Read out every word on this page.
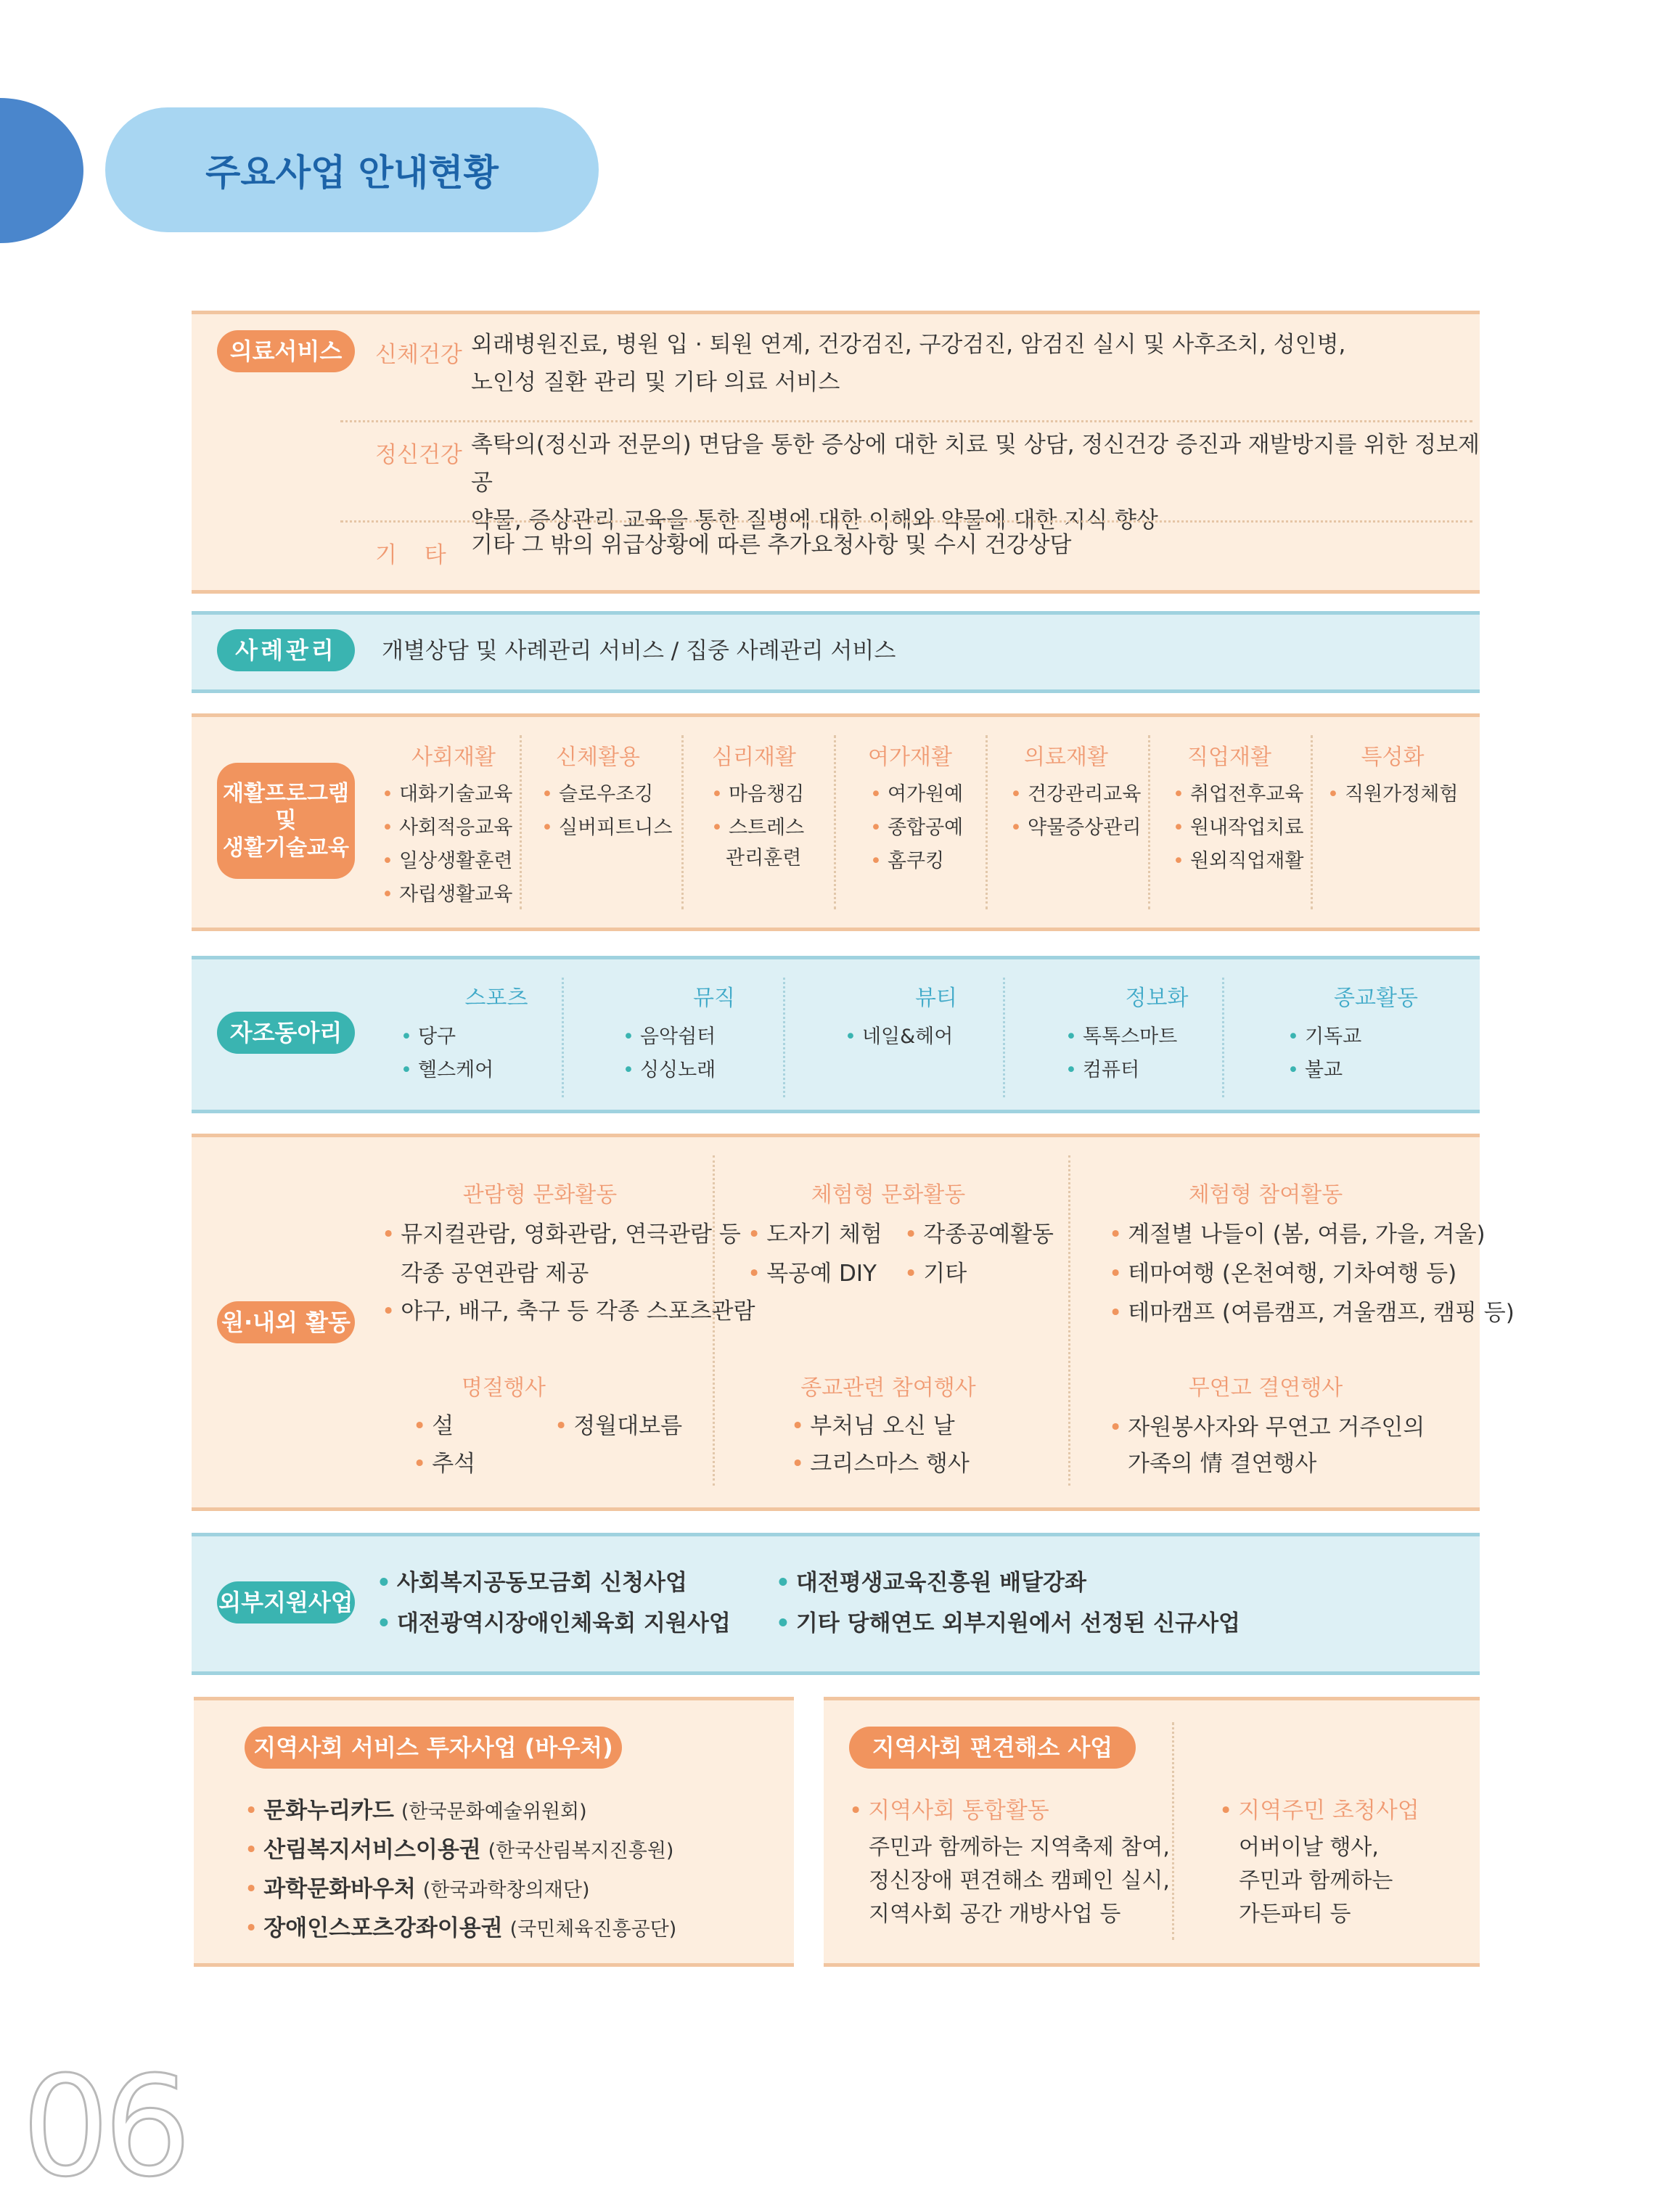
주요사업 안내현황
의료서비스	신체건강 외래병원진료, 병원 입 · 퇴원 연계, 건강검진, 구강검진, 암검진 실시 및 사후조치, 성인병,
노인성 질환 관리 및 기타 의료 서비스
정신건강 촉탁의(정신과 전문의) 면담을 통한 증상에 대한 치료 및 상담, 정신건강 증진과 재발방지를 위한 정보제공
약물, 증상관리 교육을 통한 질병에 대한 이해와 약물에 대한 지식 향상
기 타 기타 그 밖의 위급상황에 따른 추가요청사항 및 수시 건강상담
사례관리	개별상담 및 사례관리 서비스 / 집중 사례관리 서비스
재활프로그램
및
생활기술교육
사회재활
• 대화기술교육
• 사회적응교육
• 일상생활훈련
• 자립생활교육
신체활용
• 슬로우조깅
• 실버피트니스
심리재활
• 마음챙김
• 스트레스
관리훈련
여가재활
• 여가원예
• 종합공예
• 홈쿠킹
의료재활
• 건강관리교육
• 약물증상관리
직업재활
• 취업전후교육
• 원내작업치료
• 원외직업재활
특성화
• 직원가정체험
자조동아리
스포츠
• 당구
• 헬스케어
뮤직
• 음악쉼터
• 싱싱노래
뷰티
• 네일&헤어
정보화
• 톡톡스마트
• 컴퓨터
종교활동
• 기독교
• 불교
원·내외 활동
관람형 문화활동
• 뮤지컬관람, 영화관람, 연극관람 등
각종 공연관람 제공
• 야구, 배구, 축구 등 각종 스포츠관람
명절행사
• 설	• 정월대보름
• 추석
체험형 문화활동
• 도자기 체험	• 각종공예활동
• 목공예 DIY	• 기타
종교관련 참여행사
• 부처님 오신 날
• 크리스마스 행사
체험형 참여활동
• 계절별 나들이 (봄, 여름, 가을, 겨울)
• 테마여행 (온천여행, 기차여행 등)
• 테마캠프 (여름캠프, 겨울캠프, 캠핑 등)
무연고 결연행사
• 자원봉사자와 무연고 거주인의
가족의 情 결연행사
외부지원사업
• 사회복지공동모금회 신청사업
• 대전광역시장애인체육회 지원사업
• 대전평생교육진흥원 배달강좌
• 기타 당해연도 외부지원에서 선정된 신규사업
지역사회 서비스 투자사업 (바우처)
• 문화누리카드 (한국문화예술위원회)
• 산림복지서비스이용권 (한국산림복지진흥원)
• 과학문화바우처 (한국과학창의재단)
• 장애인스포츠강좌이용권 (국민체육진흥공단)
지역사회 편견해소 사업
• 지역사회 통합활동
주민과 함께하는 지역축제 참여,
정신장애 편견해소 캠페인 실시,
지역사회 공간 개방사업 등
• 지역주민 초청사업
어버이날 행사,
주민과 함께하는
가든파티 등
06
